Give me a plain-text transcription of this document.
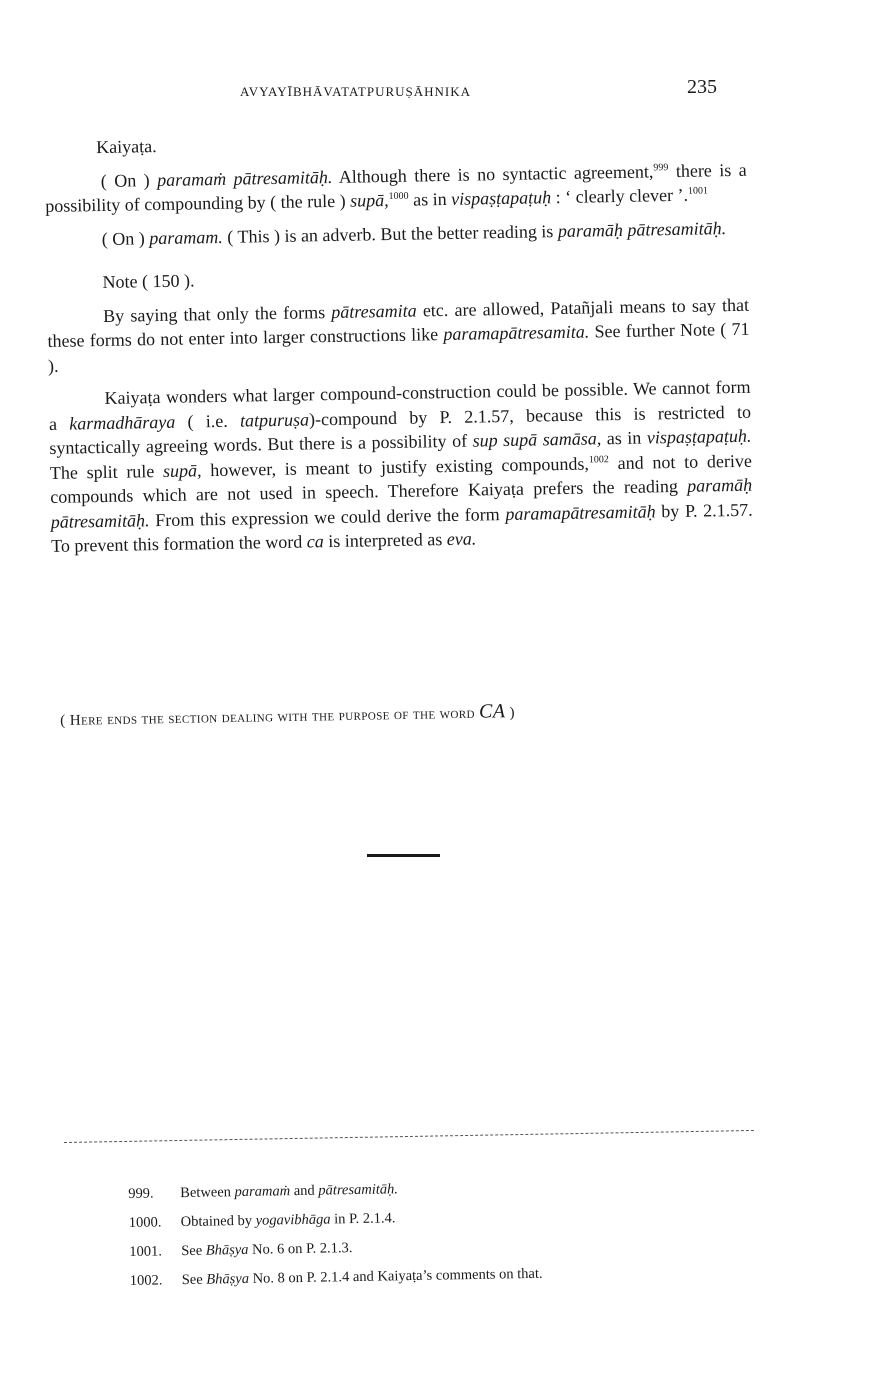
AVYAYĪBHĀVATATPURUṢĀHNIKA	235

Kaiyaṭa.

( On ) paramaṁ pātresamitāḥ. Although there is no syntactic agreement,$^{999}$ there is a possibility of compounding by ( the rule ) supā,$^{1000}$ as in vispaṣṭapaṭuḥ : ‘ clearly clever ’.$^{1001}$

( On ) paramam. ( This ) is an adverb. But the better reading is paramāḥ pātresamitāḥ.

Note ( 150 ).

By saying that only the forms pātresamita etc. are allowed, Patañjali means to say that these forms do not enter into larger constructions like paramapātresamita. See further Note ( 71 ).

Kaiyaṭa wonders what larger compound-construction could be possible. We cannot form a karmadhāraya ( i.e. tatpuruṣa)-compound by P. 2.1.57, because this is restricted to syntactically agreeing words. But there is a possibility of sup supā samāsa, as in vispaṣṭapaṭuḥ. The split rule supā, however, is meant to justify existing compounds,$^{1002}$ and not to derive compounds which are not used in speech. Therefore Kaiyaṭa prefers the reading paramāḥ pātresamitāḥ. From this expression we could derive the form paramapātresamitāḥ by P. 2.1.57. To prevent this formation the word ca is interpreted as eva.

( Here ends the section dealing with the purpose of the word CA )
999.	Between paramaṁ and pātresamitāḥ.
1000.	Obtained by yogavibhāga in P. 2.1.4.
1001.	See Bhāṣya No. 6 on P. 2.1.3.
1002.	See Bhāṣya No. 8 on P. 2.1.4 and Kaiyaṭa’s comments on that.
